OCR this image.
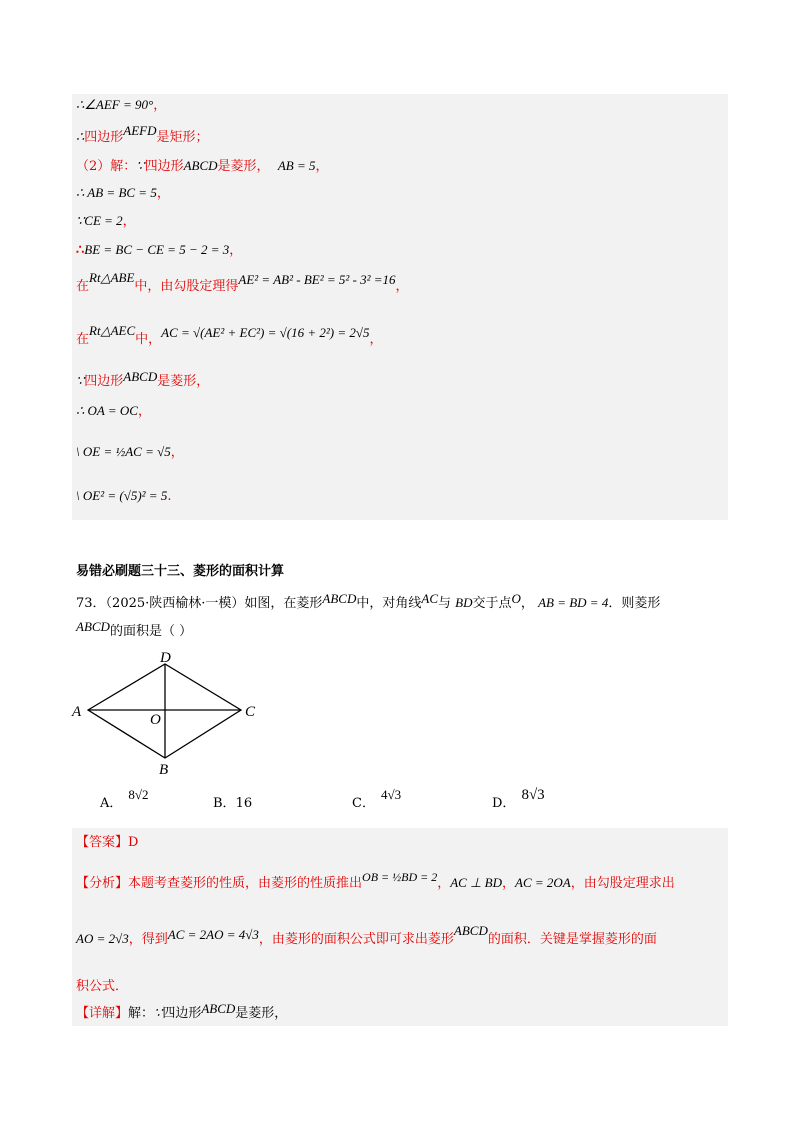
∴∠AEF = 90°，
∴四边形AEFD是矩形；
（2）解：∵四边形ABCD是菱形， AB = 5，
∴ AB = BC = 5，
∵CE = 2，
∴BE = BC − CE = 5 − 2 = 3，
在Rt△ABE中，由勾股定理得AE² = AB² - BE² = 5² - 3² =16，
在Rt△AEC中，AC = √(AE² + EC²) = √(16 + 2²) = 2√5，
∵四边形ABCD是菱形，
∴ OA = OC，
\ OE = ½AC = √5，
\ OE² = (√5)² = 5.
易错必刷题三十三、菱形的面积计算
73．（2025·陕西榆林·一模）如图，在菱形ABCD中，对角线AC与 BD交于点O， AB = BD = 4．则菱形
ABCD的面积是（ ）
D
A	C
O
B
A．8√2
B．16	C．4√3
D．8√3
【答案】D
【分析】本题考查菱形的性质，由菱形的性质推出OB = ½BD = 2，AC ⊥ BD，AC = 2OA，由勾股定理求出
AO = 2√3，得到AC = 2AO = 4√3，由菱形的面积公式即可求出菱形ABCD的面积．关键是掌握菱形的面
积公式．
【详解】解：∵四边形ABCD是菱形，
